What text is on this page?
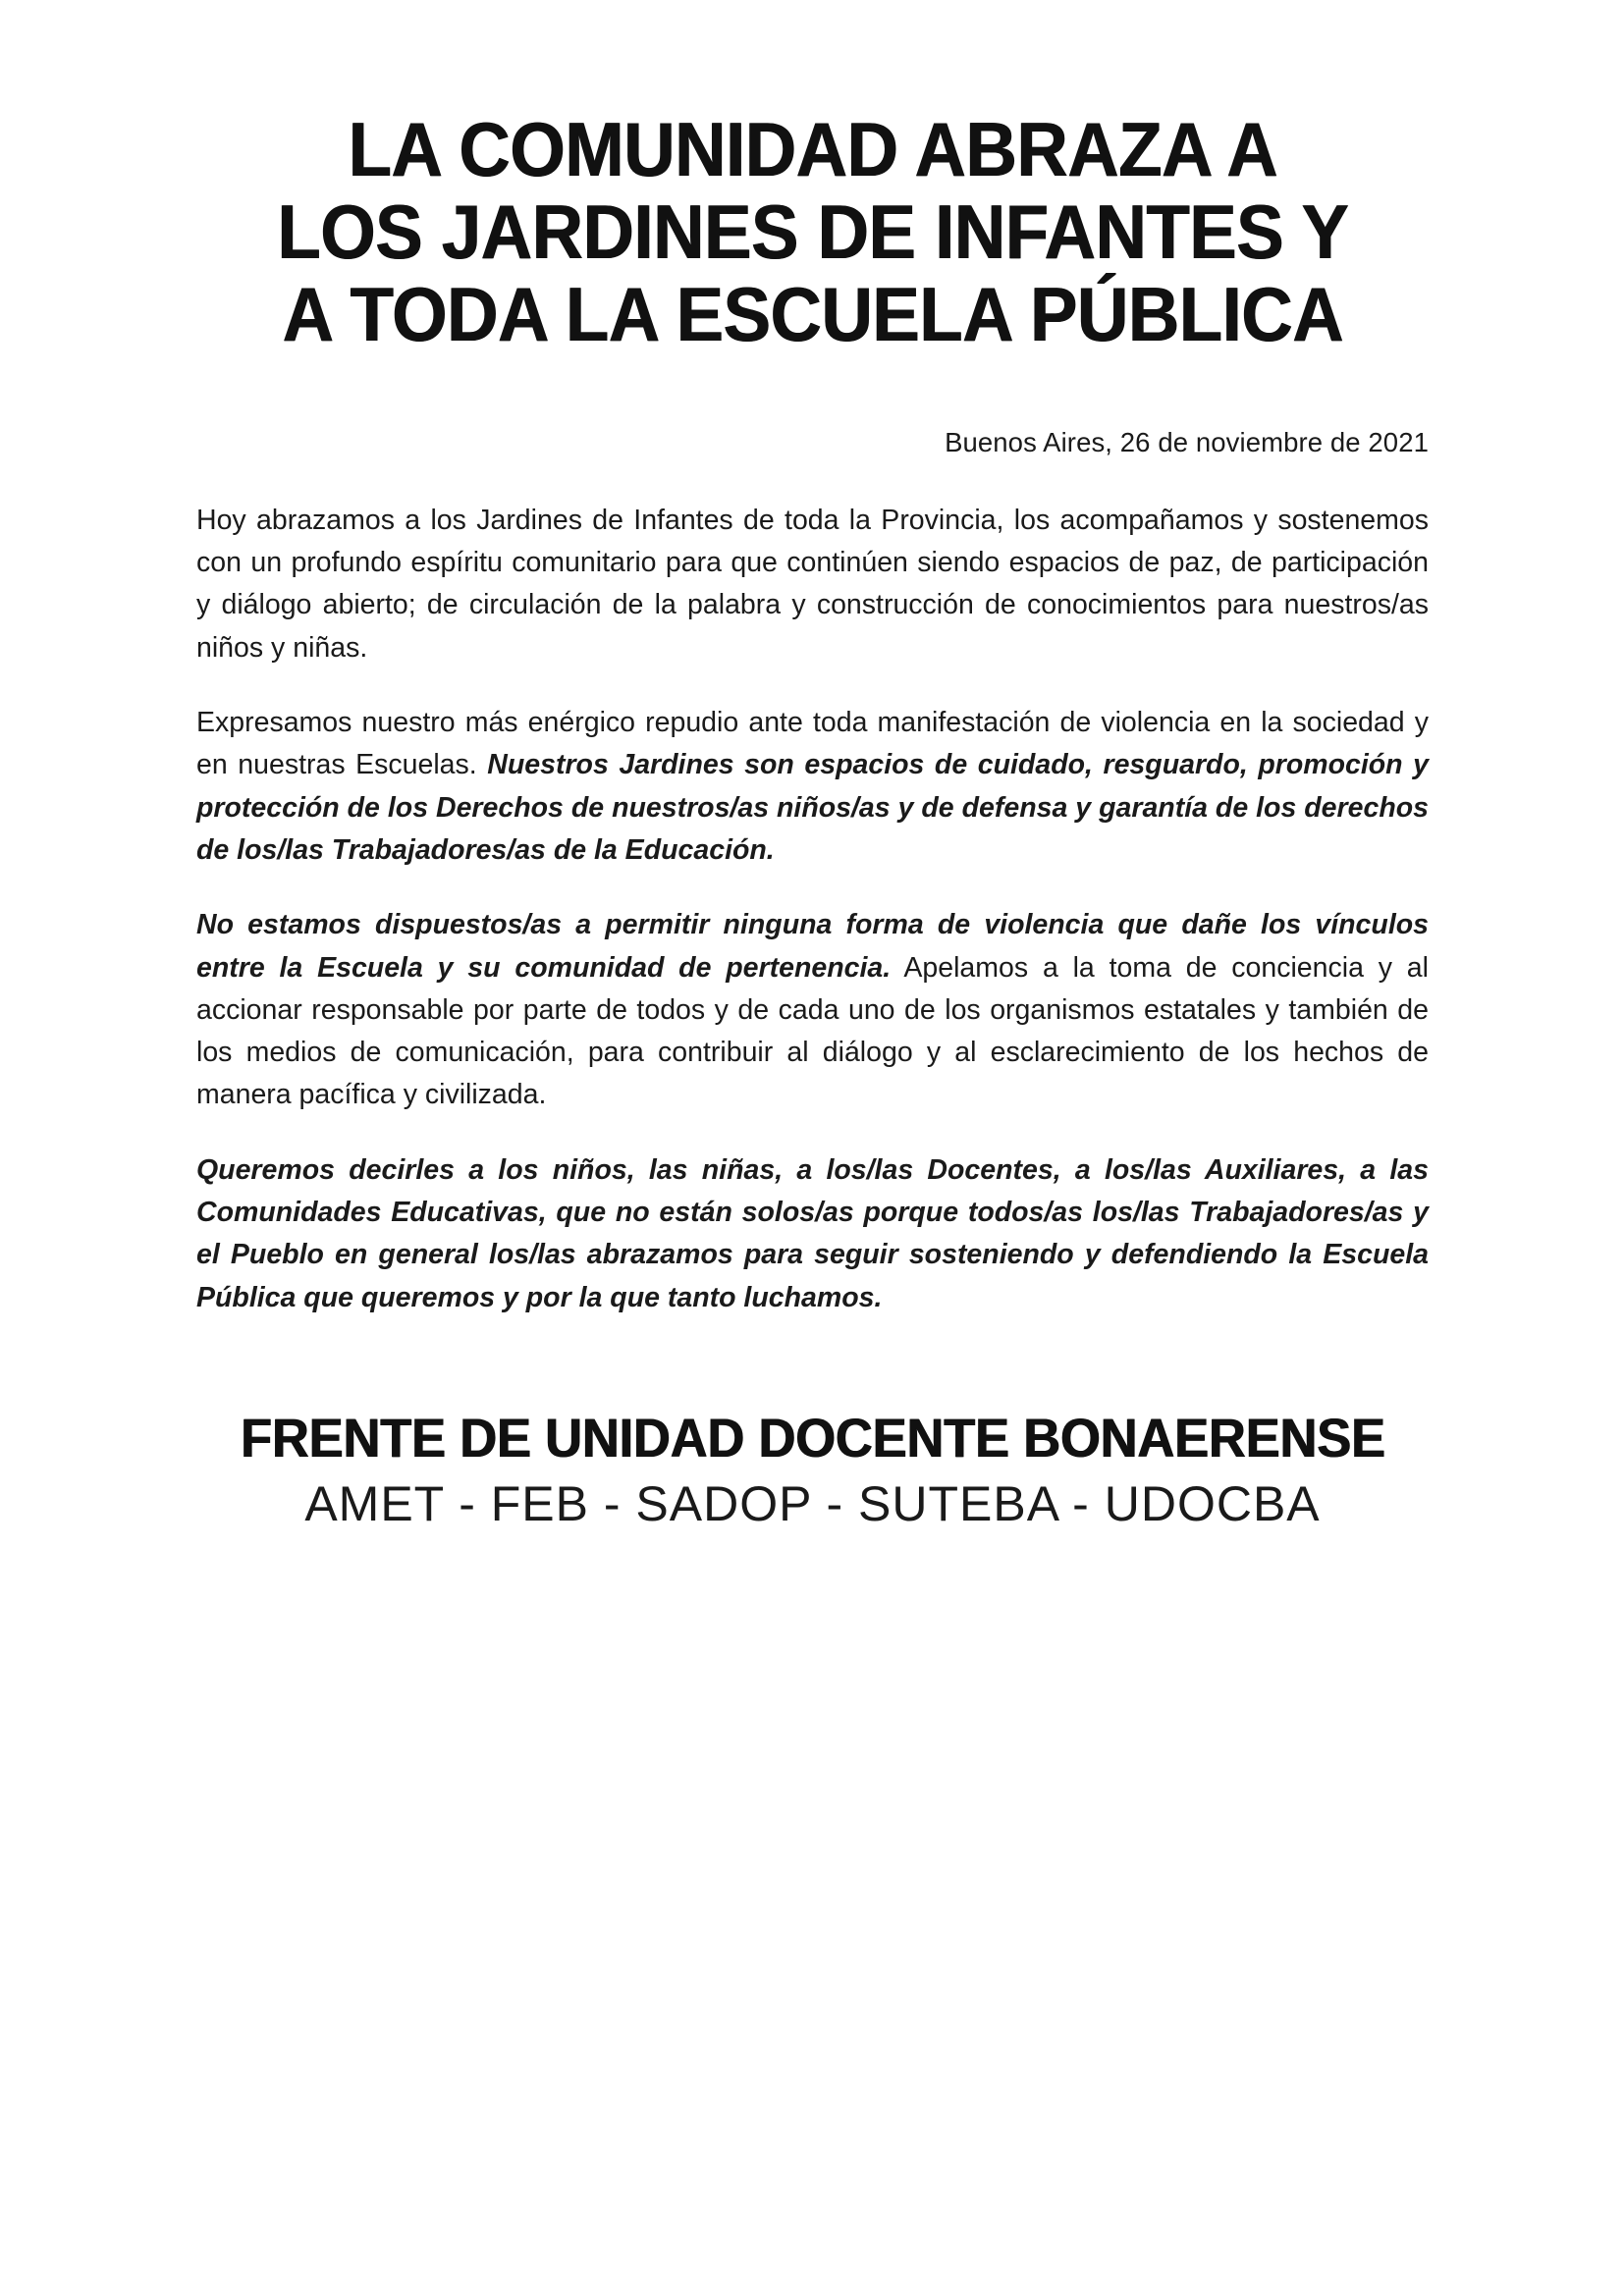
LA COMUNIDAD ABRAZA A
LOS JARDINES DE INFANTES Y
A TODA LA ESCUELA PÚBLICA
Buenos Aires, 26 de noviembre de 2021

Hoy abrazamos a los Jardines de Infantes de toda la Provincia, los acompañamos y sostenemos con un profundo espíritu comunitario para que continúen siendo espacios de paz, de participación y diálogo abierto; de circulación de la palabra y construcción de conocimientos para nuestros/as niños y niñas.

Expresamos nuestro más enérgico repudio ante toda manifestación de violencia en la sociedad y en nuestras Escuelas. Nuestros Jardines son espacios de cuidado, resguardo, promoción y protección de los Derechos de nuestros/as niños/as y de defensa y garantía de los derechos de los/las Trabajadores/as de la Educación.

No estamos dispuestos/as a permitir ninguna forma de violencia que dañe los vínculos entre la Escuela y su comunidad de pertenencia. Apelamos a la toma de conciencia y al accionar responsable por parte de todos y de cada uno de los organismos estatales y también de los medios de comunicación, para contribuir al diálogo y al esclarecimiento de los hechos de manera pacífica y civilizada.

Queremos decirles a los niños, las niñas, a los/las Docentes, a los/las Auxiliares, a las Comunidades Educativas, que no están solos/as porque todos/as los/las Trabajadores/as y el Pueblo en general los/las abrazamos para seguir sosteniendo y defendiendo la Escuela Pública que queremos y por la que tanto luchamos.

FRENTE DE UNIDAD DOCENTE BONAERENSE
AMET - FEB - SADOP - SUTEBA - UDOCBA
